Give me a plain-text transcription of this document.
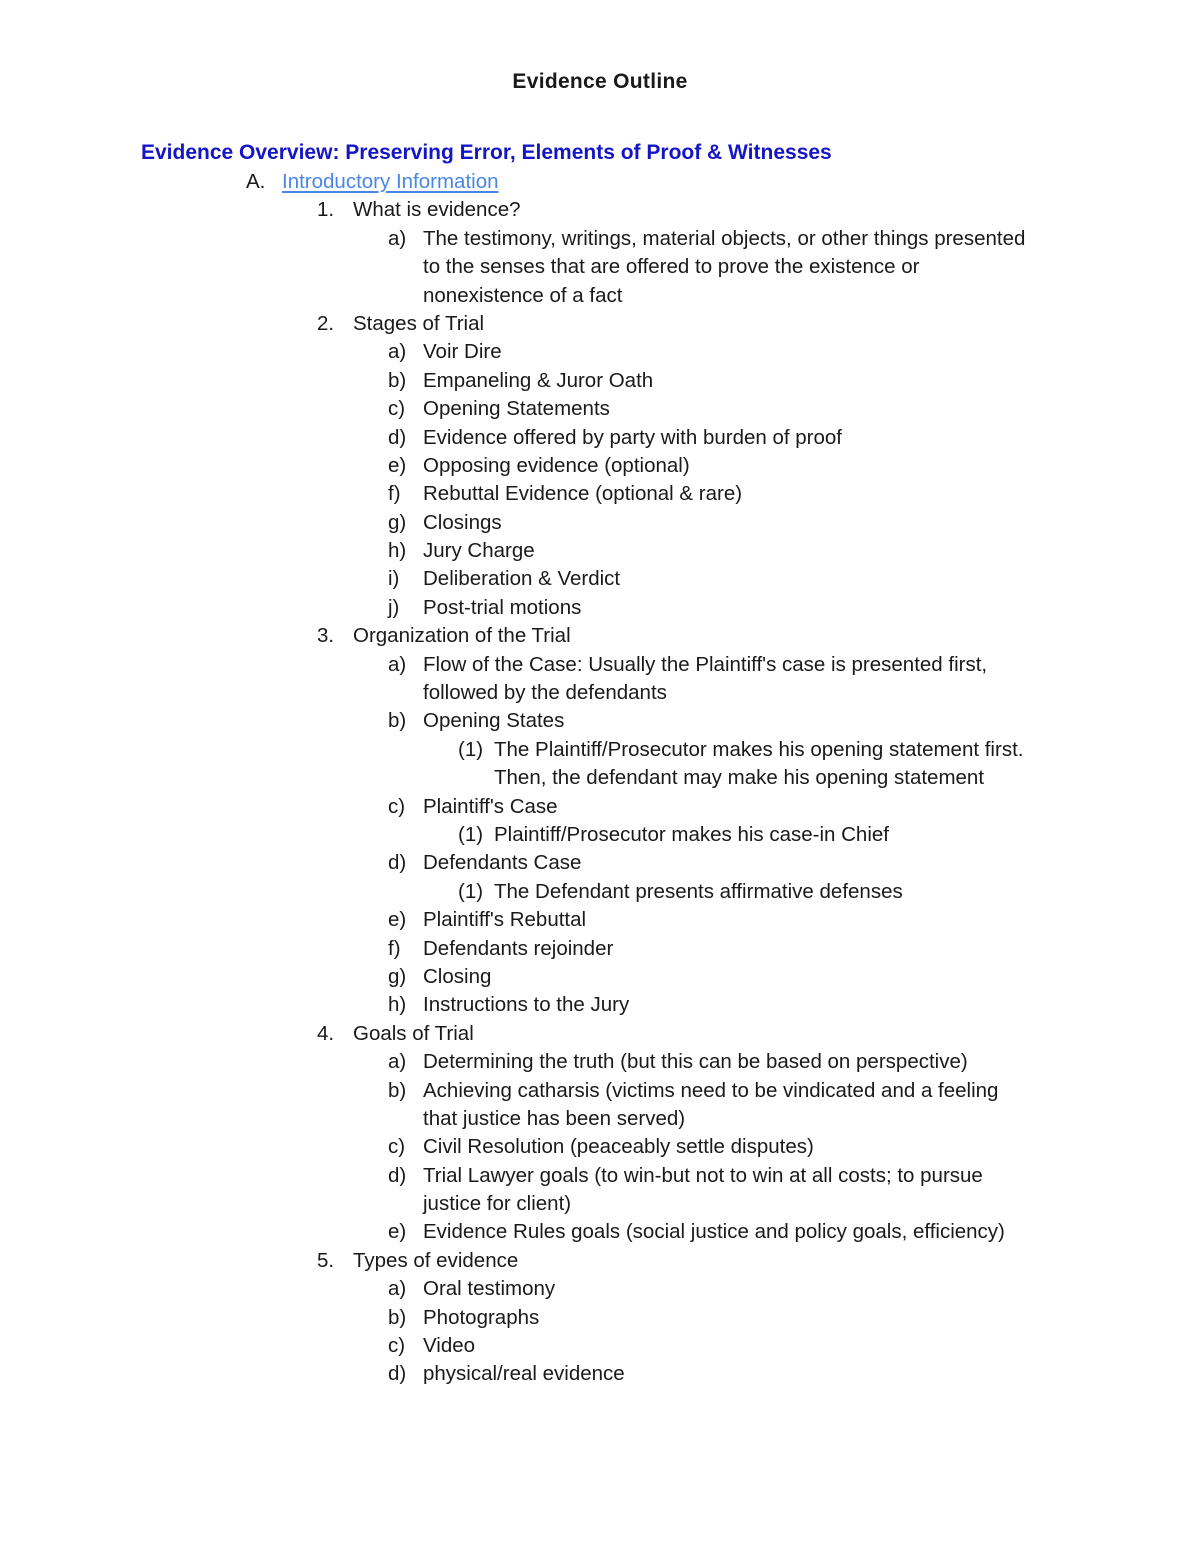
Evidence Outline
Evidence Overview: Preserving Error, Elements of Proof & Witnesses
A. Introductory Information
1. What is evidence?
a) The testimony, writings, material objects, or other things presented
to the senses that are offered to prove the existence or
nonexistence of a fact
2. Stages of Trial
a) Voir Dire
b) Empaneling & Juror Oath
c) Opening Statements
d) Evidence offered by party with burden of proof
e) Opposing evidence (optional)
f) Rebuttal Evidence (optional & rare)
g) Closings
h) Jury Charge
i) Deliberation & Verdict
j) Post-trial motions
3. Organization of the Trial
a) Flow of the Case: Usually the Plaintiff's case is presented first,
followed by the defendants
b) Opening States
(1) The Plaintiff/Prosecutor makes his opening statement first.
Then, the defendant may make his opening statement
c) Plaintiff's Case
(1) Plaintiff/Prosecutor makes his case-in Chief
d) Defendants Case
(1) The Defendant presents affirmative defenses
e) Plaintiff's Rebuttal
f) Defendants rejoinder
g) Closing
h) Instructions to the Jury
4. Goals of Trial
a) Determining the truth (but this can be based on perspective)
b) Achieving catharsis (victims need to be vindicated and a feeling
that justice has been served)
c) Civil Resolution (peaceably settle disputes)
d) Trial Lawyer goals (to win-but not to win at all costs; to pursue
justice for client)
e) Evidence Rules goals (social justice and policy goals, efficiency)
5. Types of evidence
a) Oral testimony
b) Photographs
c) Video
d) physical/real evidence
